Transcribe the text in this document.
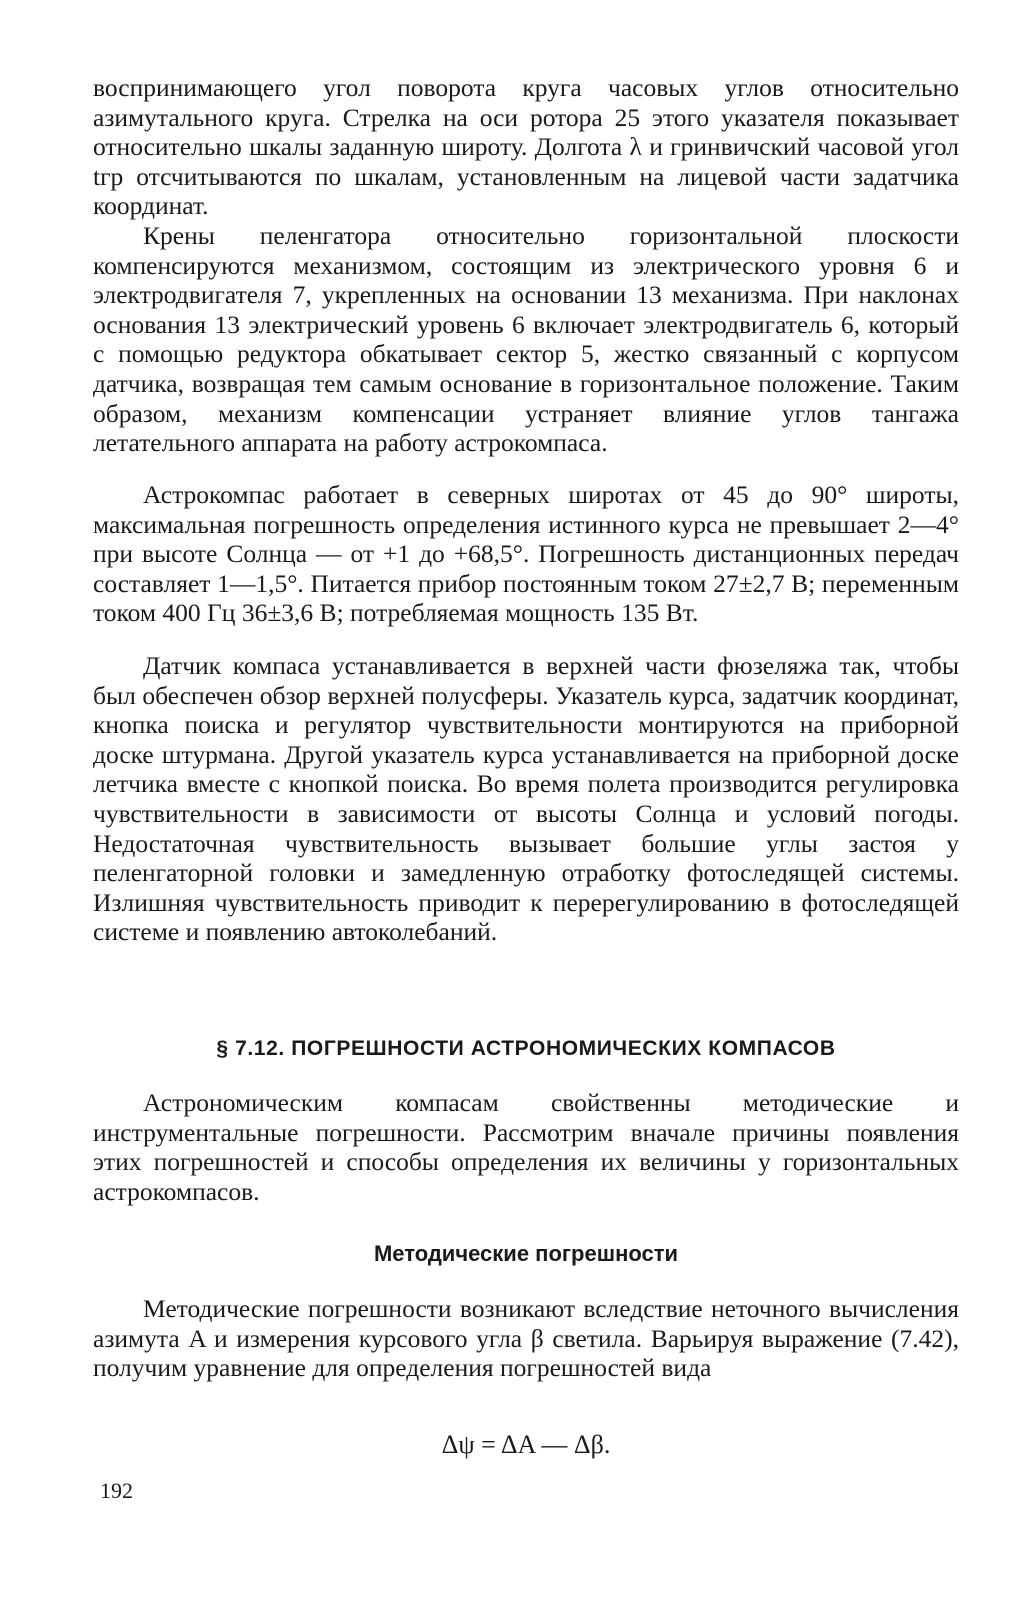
воспринимающего угол поворота круга часовых углов относительно азимутального круга. Стрелка на оси ротора 25 этого указателя показывает относительно шкалы заданную широту. Долгота λ и гринвичский часовой угол tгр отсчитываются по шкалам, установленным на лицевой части задатчика координат.

Крены пеленгатора относительно горизонтальной плоскости компенсируются механизмом, состоящим из электрического уровня 6 и электродвигателя 7, укрепленных на основании 13 механизма. При наклонах основания 13 электрический уровень 6 включает электродвигатель 6, который с помощью редуктора обкатывает сектор 5, жестко связанный с корпусом датчика, возвращая тем самым основание в горизонтальное положение. Таким образом, механизм компенсации устраняет влияние углов тангажа летательного аппарата на работу астрокомпаса.

Астрокомпас работает в северных широтах от 45 до 90° широты, максимальная погрешность определения истинного курса не превышает 2—4° при высоте Солнца — от +1 до +68,5°. Погрешность дистанционных передач составляет 1—1,5°. Питается прибор постоянным током 27±2,7 В; переменным током 400 Гц 36±3,6 В; потребляемая мощность 135 Вт.

Датчик компаса устанавливается в верхней части фюзеляжа так, чтобы был обеспечен обзор верхней полусферы. Указатель курса, задатчик координат, кнопка поиска и регулятор чувствительности монтируются на приборной доске штурмана. Другой указатель курса устанавливается на приборной доске летчика вместе с кнопкой поиска. Во время полета производится регулировка чувствительности в зависимости от высоты Солнца и условий погоды. Недостаточная чувствительность вызывает большие углы застоя у пеленгаторной головки и замедленную отработку фотоследящей системы. Излишняя чувствительность приводит к перерегулированию в фотоследящей системе и появлению автоколебаний.

§ 7.12. ПОГРЕШНОСТИ АСТРОНОМИЧЕСКИХ КОМПАСОВ

Астрономическим компасам свойственны методические и инструментальные погрешности. Рассмотрим вначале причины появления этих погрешностей и способы определения их величины у горизонтальных астрокомпасов.

Методические погрешности

Методические погрешности возникают вследствие неточного вычисления азимута A и измерения курсового угла β светила. Варьируя выражение (7.42), получим уравнение для определения погрешностей вида

Δψ = ΔA — Δβ.

192
